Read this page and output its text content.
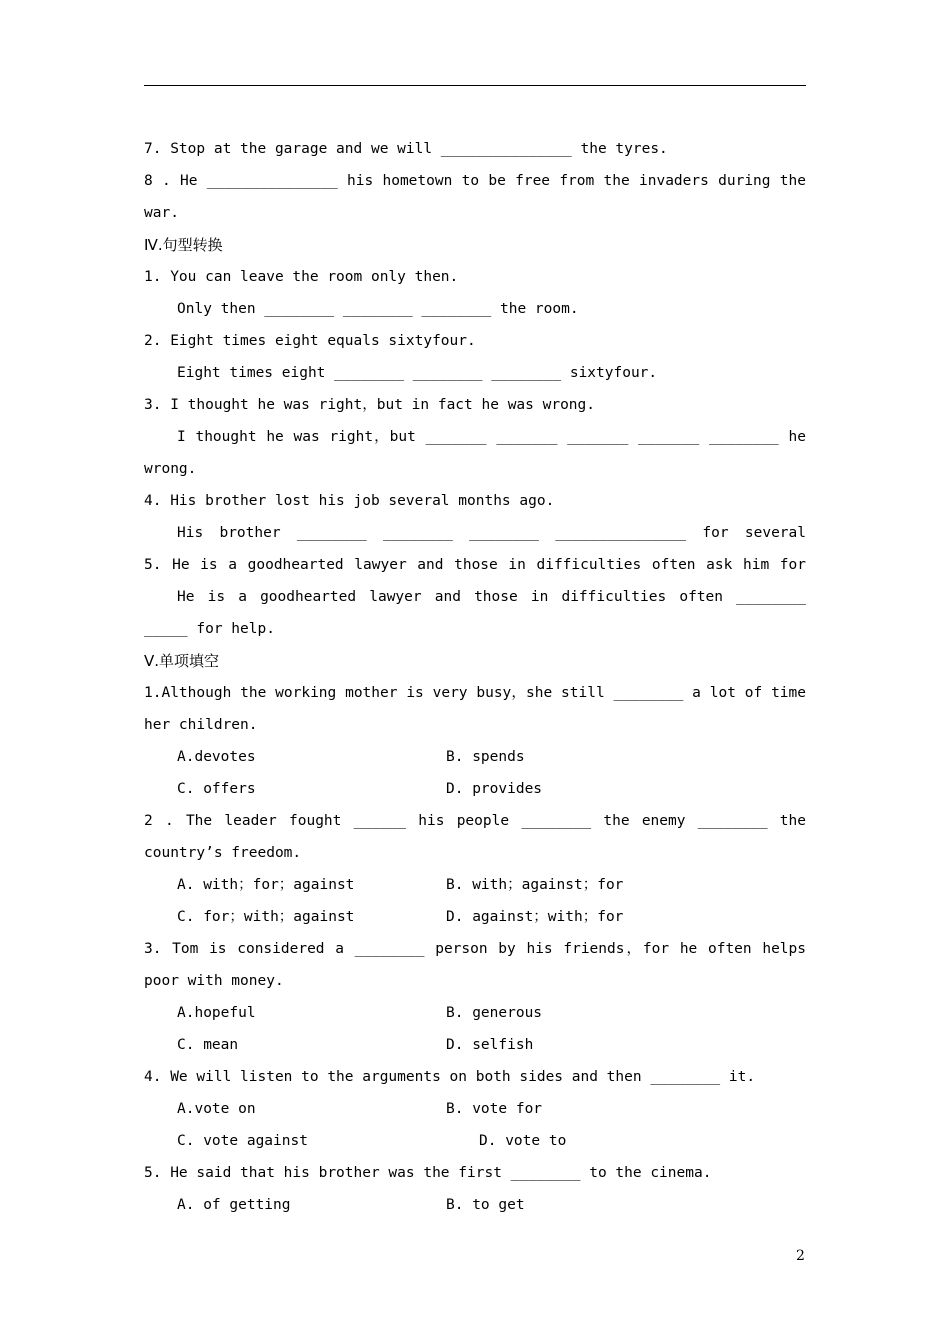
7. Stop at the garage and we will _______________ the tyres.
8 . He _______________ his hometown to be free from the invaders during the
war.
Ⅳ.句型转换
1. You can leave the room only then.
Only then ________ ________ ________ the room.
2. Eight times eight equals sixtyfour.
Eight times eight ________ ________ ________ sixtyfour.
3. I thought he was right，but in fact he was wrong.
I thought he was right，but _______ _______ _______ _______ ________ he
wrong.
4. His brother lost his job several months ago.
His brother ________ ________ ________ _______________ for several
5. He is a goodhearted lawyer and those in difficulties often ask him for
He is a goodhearted lawyer and those in difficulties often ________
_____ for help.
Ⅴ.单项填空
1.Although the working mother is very busy，she still ________ a lot of time
her children.
A.devotes	B. spends
C. offers	D. provides
2 . The leader fought ______ his people ________ the enemy ________ the
country’s freedom.
A. with；for；against	B. with；against；for
C. for；with；against	D. against；with；for
3. Tom is considered a ________ person by his friends，for he often helps
poor with money.
A.hopeful	B. generous
C. mean	D. selfish
4. We will listen to the arguments on both sides and then ________ it.
A.vote on	B. vote for
C. vote against	D. vote to
5. He said that his brother was the first ________ to the cinema.
A. of getting	B. to get
2
